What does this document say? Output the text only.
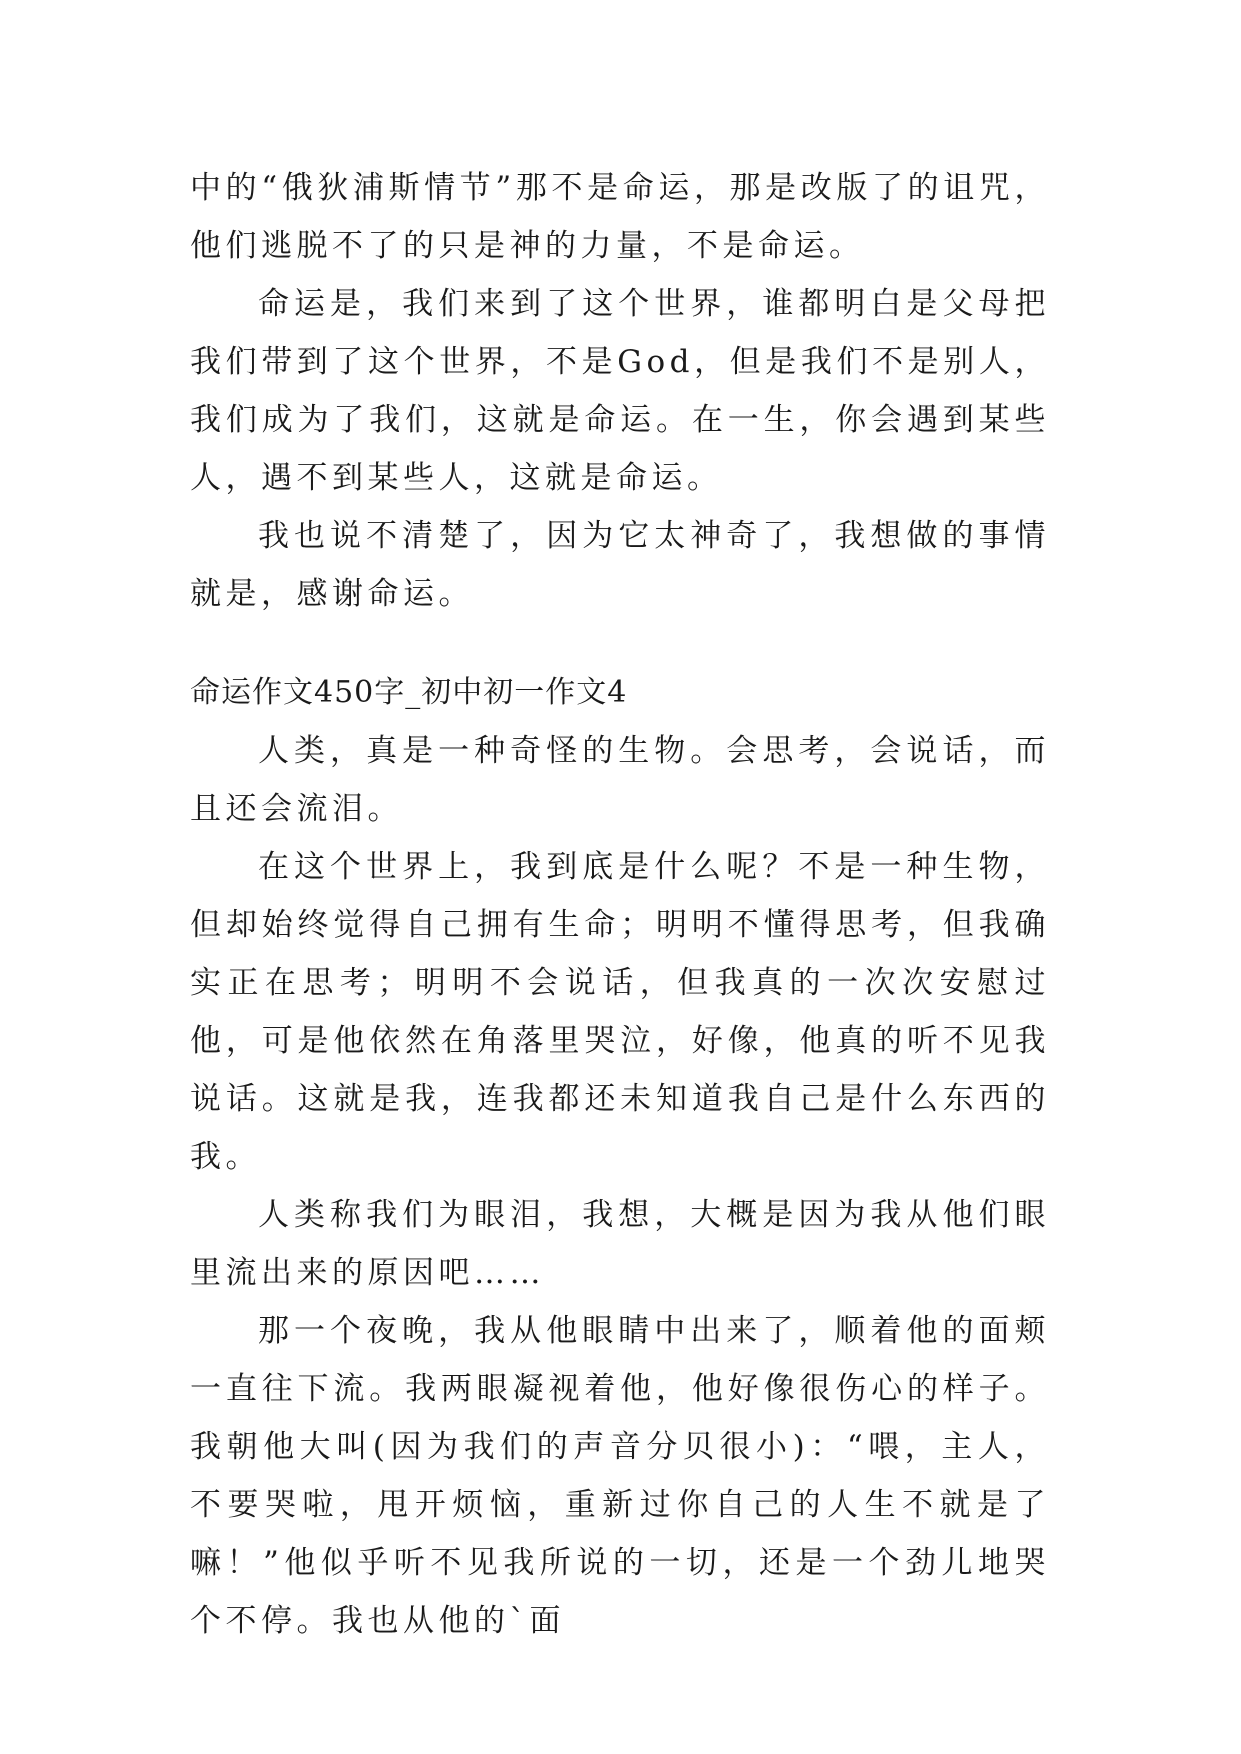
中的“俄狄浦斯情节”那不是命运，那是改版了的诅咒，他们逃脱不了的只是神的力量，不是命运。

命运是，我们来到了这个世界，谁都明白是父母把我们带到了这个世界，不是God，但是我们不是别人，我们成为了我们，这就是命运。在一生，你会遇到某些人，遇不到某些人，这就是命运。

我也说不清楚了，因为它太神奇了，我想做的事情就是，感谢命运。

命运作文450字_初中初一作文4

人类，真是一种奇怪的生物。会思考，会说话，而且还会流泪。

在这个世界上，我到底是什么呢？不是一种生物，但却始终觉得自己拥有生命；明明不懂得思考，但我确实正在思考；明明不会说话，但我真的一次次安慰过他，可是他依然在角落里哭泣，好像，他真的听不见我说话。这就是我，连我都还未知道我自己是什么东西的我。

人类称我们为眼泪，我想，大概是因为我从他们眼里流出来的原因吧……

那一个夜晚，我从他眼睛中出来了，顺着他的面颊一直往下流。我两眼凝视着他，他好像很伤心的样子。我朝他大叫(因为我们的声音分贝很小)：“喂，主人，不要哭啦，甩开烦恼，重新过你自己的人生不就是了嘛！”他似乎听不见我所说的一切，还是一个劲儿地哭个不停。我也从他的`面
